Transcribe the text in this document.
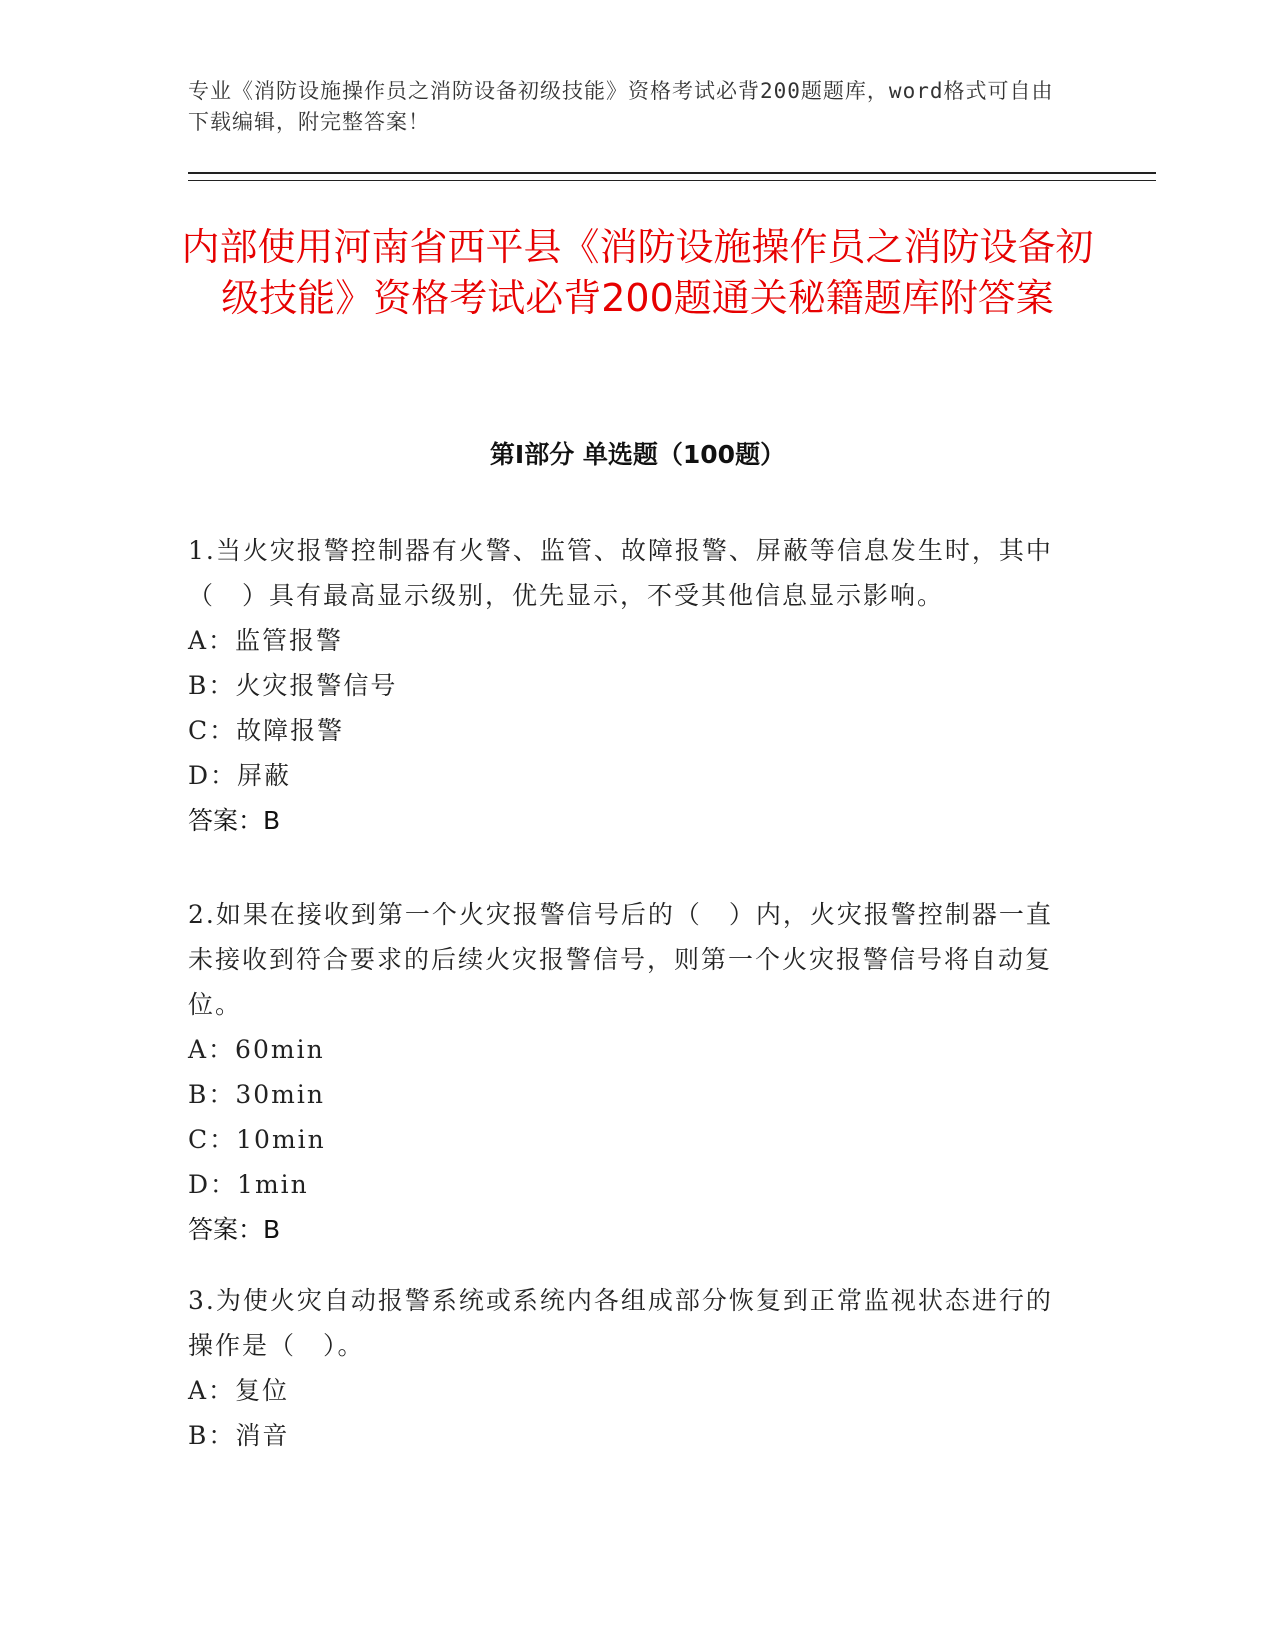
专业《消防设施操作员之消防设备初级技能》资格考试必背200题题库，word格式可自由下载编辑，附完整答案！
内部使用河南省西平县《消防设施操作员之消防设备初级技能》资格考试必背200题通关秘籍题库附答案
第I部分 单选题（100题）

1.当火灾报警控制器有火警、监管、故障报警、屏蔽等信息发生时，其中（　）具有最高显示级别，优先显示，不受其他信息显示影响。

A：监管报警

B：火灾报警信号

C：故障报警

D：屏蔽

答案：B

2.如果在接收到第一个火灾报警信号后的（　）内，火灾报警控制器一直未接收到符合要求的后续火灾报警信号，则第一个火灾报警信号将自动复位。

A：60min

B：30min

C：10min

D：1min

答案：B

3.为使火灾自动报警系统或系统内各组成部分恢复到正常监视状态进行的操作是（　）。

A：复位

B：消音
